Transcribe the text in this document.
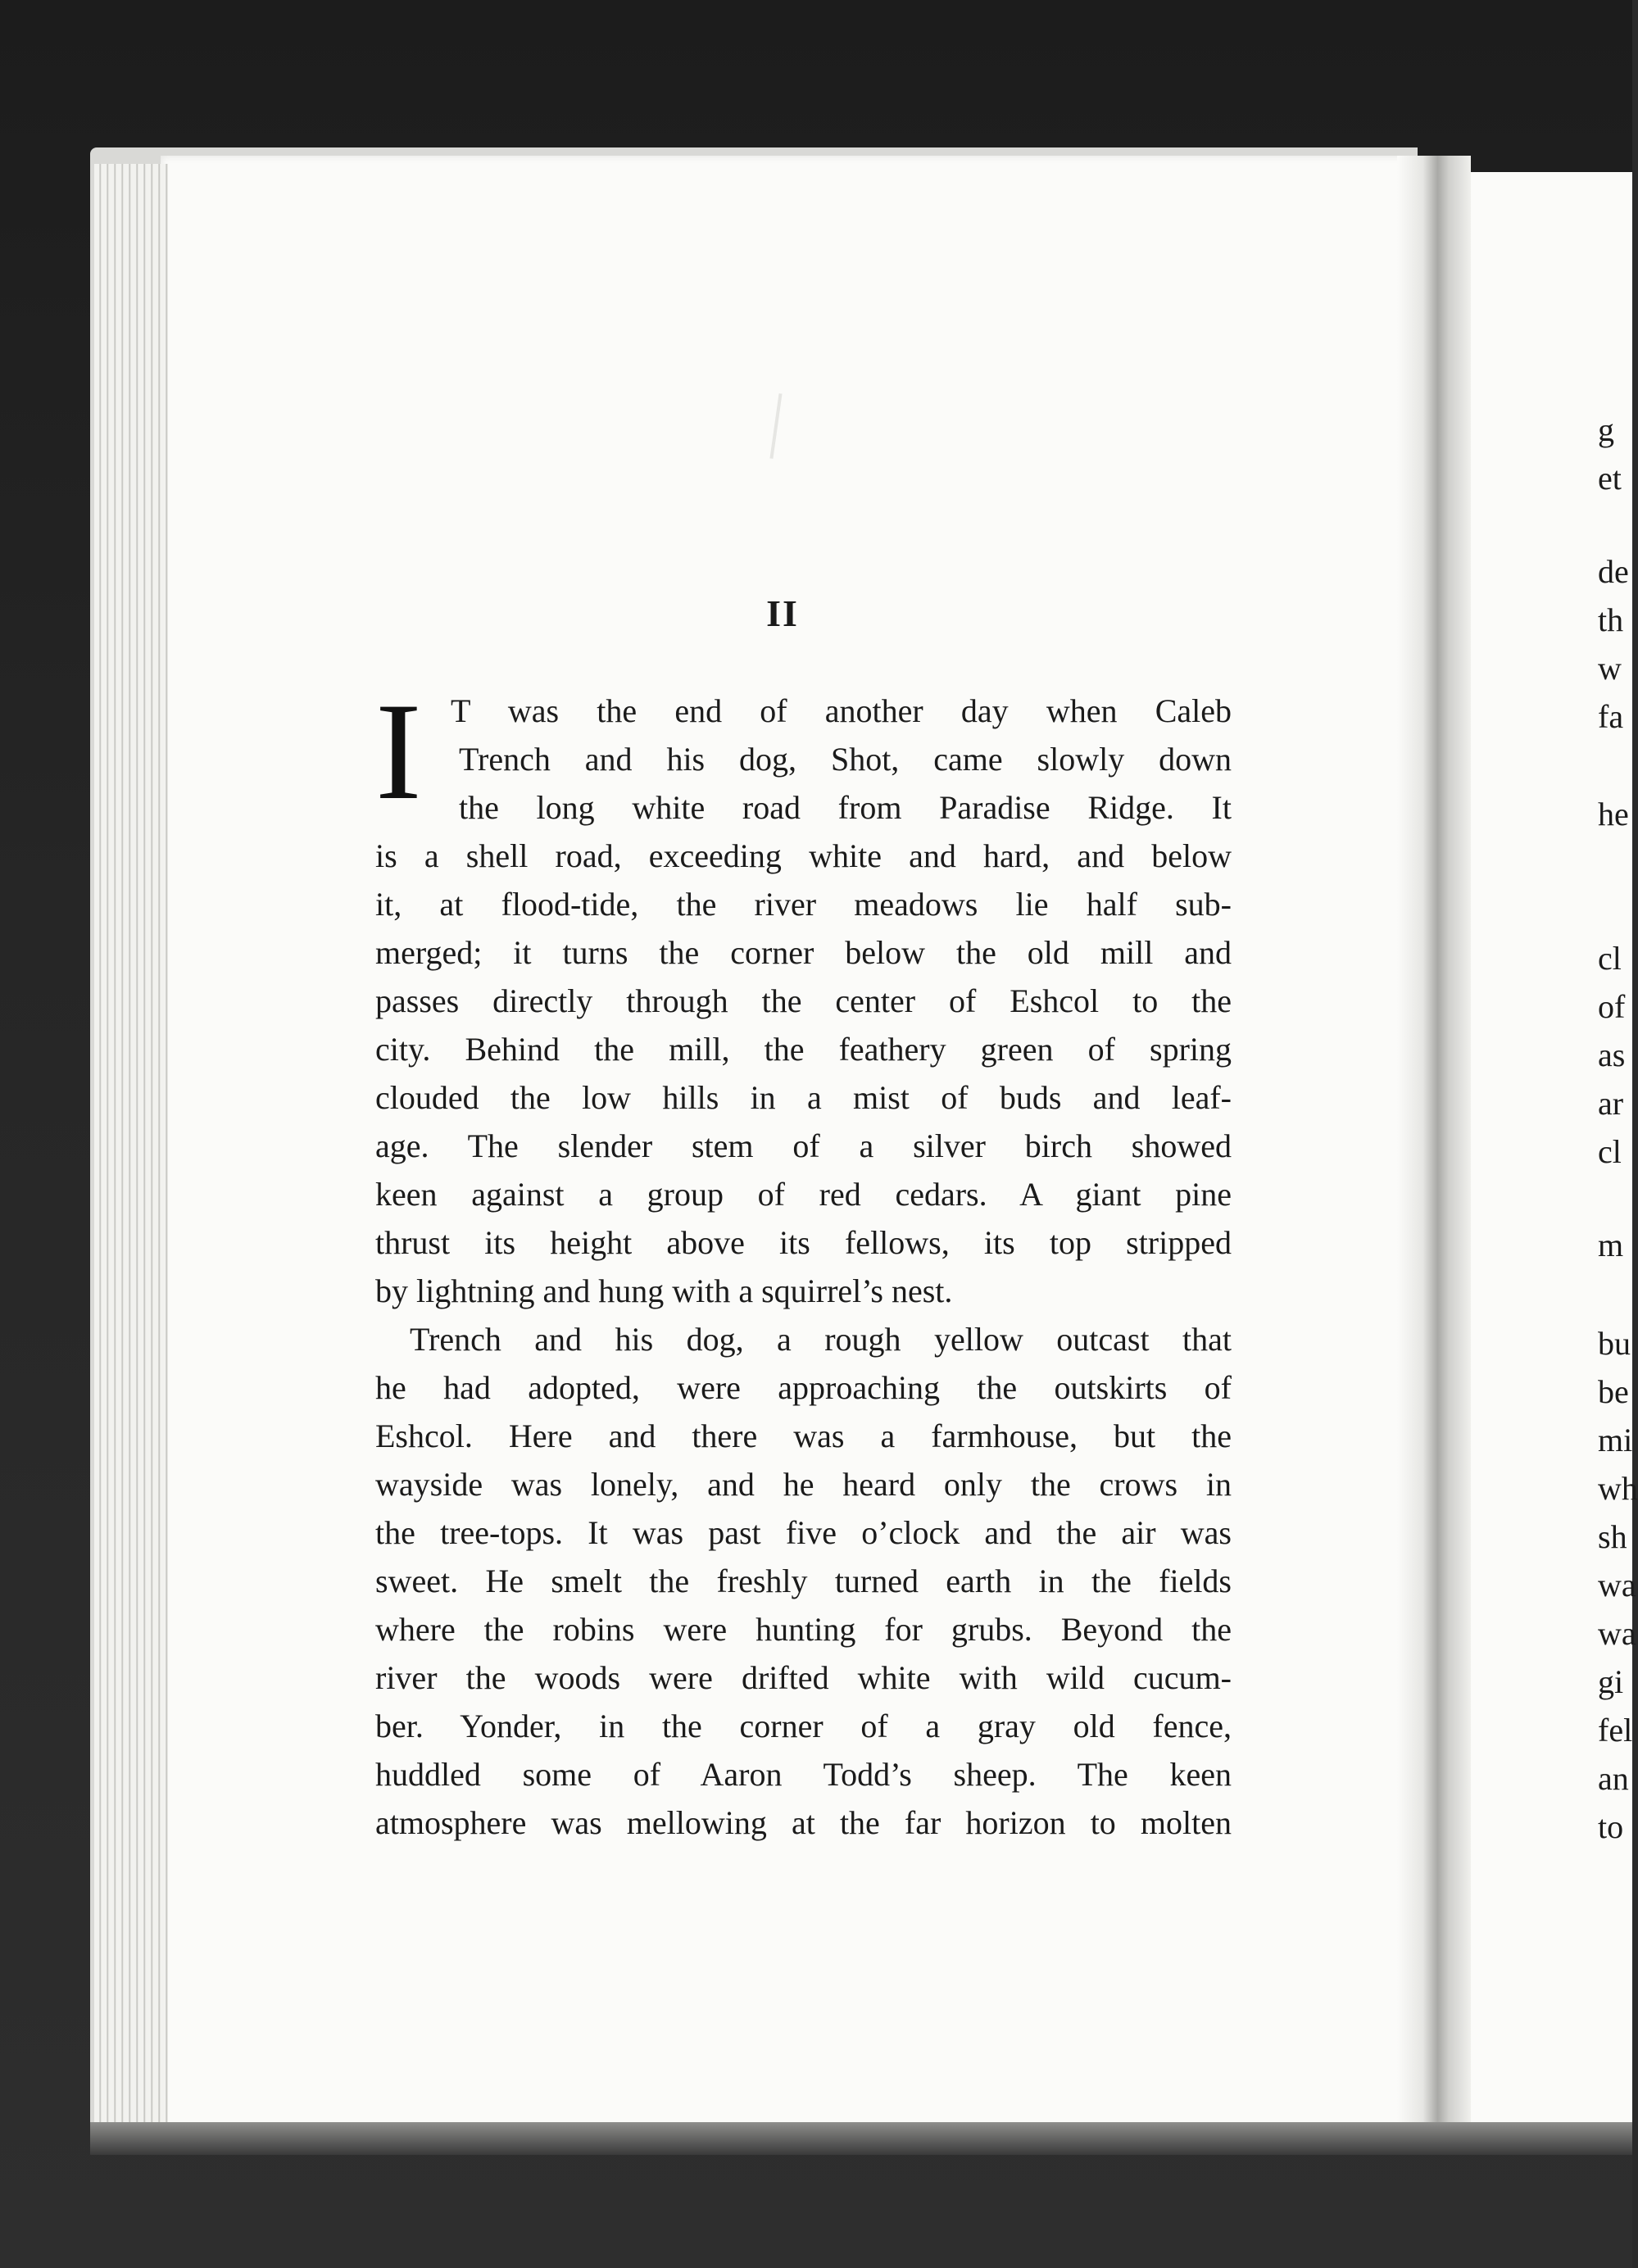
II
I T was the end of another day when Caleb
Trench and his dog, Shot, came slowly down
the long white road from Paradise Ridge. It
is a shell road, exceeding white and hard, and below
it, at flood-tide, the river meadows lie half sub-
merged; it turns the corner below the old mill and
passes directly through the center of Eshcol to the
city. Behind the mill, the feathery green of spring
clouded the low hills in a mist of buds and leaf-
age. The slender stem of a silver birch showed
keen against a group of red cedars. A giant pine
thrust its height above its fellows, its top stripped
by lightning and hung with a squirrel’s nest.
Trench and his dog, a rough yellow outcast that
he had adopted, were approaching the outskirts of
Eshcol. Here and there was a farmhouse, but the
wayside was lonely, and he heard only the crows in
the tree-tops. It was past five o’clock and the air was
sweet. He smelt the freshly turned earth in the fields
where the robins were hunting for grubs. Beyond the
river the woods were drifted white with wild cucum-
ber. Yonder, in the corner of a gray old fence,
huddled some of Aaron Todd’s sheep. The keen
atmosphere was mellowing at the far horizon to molten
g
et
de
th
w
fa
he
cl
of
as
ar
cl
m
bu
be
mi
wh
sh
wa
wa
gi
fel
an
to
